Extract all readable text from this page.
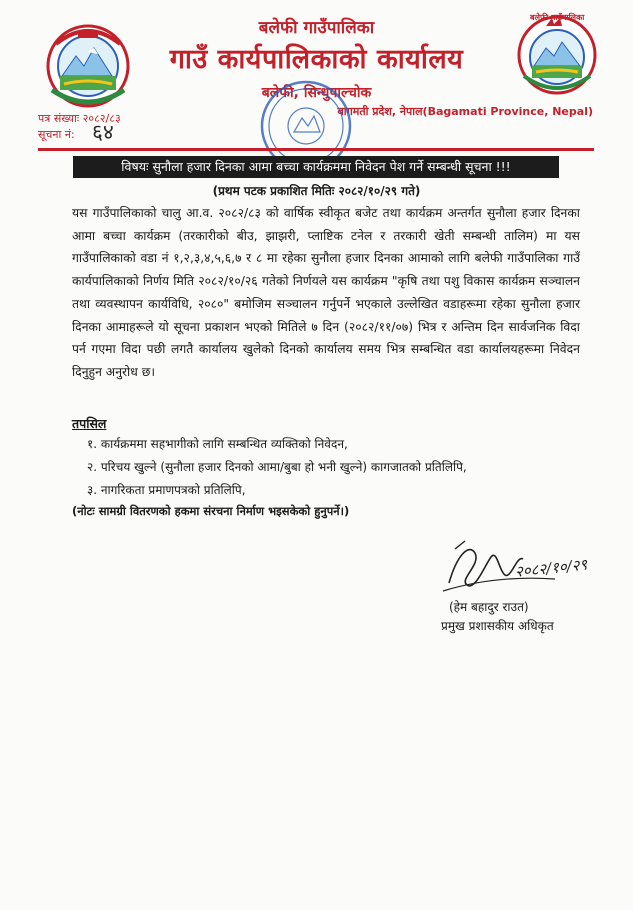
बलेफी गाउँपालिका
बलेफी गाउँपालिका
गाउँ कार्यपालिकाको कार्यालय
बलेफी, सिन्धुपाल्चोक
बागमती प्रदेश, नेपाल(Bagamati Province, Nepal)
पत्र संख्याः २०८२/८३
सूचना नं: ६४
विषयः सुनौला हजार दिनका आमा बच्चा कार्यक्रममा निवेदन पेश गर्ने सम्बन्धी सूचना !!!
(प्रथम पटक प्रकाशित मितिः २०८२/१०/२९ गते)
यस गाउँपालिकाको चालु आ.व. २०८२/८३ को वार्षिक स्वीकृत बजेट तथा कार्यक्रम अन्तर्गत सुनौला हजार दिनका आमा बच्चा कार्यक्रम (तरकारीको बीउ, झाझरी, प्लाष्टिक टनेल र तरकारी खेती सम्बन्धी तालिम) मा यस गाउँपालिकाको वडा नं १,२,३,४,५,६,७ र ८ मा रहेका सुनौला हजार दिनका आमाको लागि बलेफी गाउँपालिका गाउँ कार्यपालिकाको निर्णय मिति २०८२/१०/२६ गतेको निर्णयले यस कार्यक्रम "कृषि तथा पशु विकास कार्यक्रम सञ्चालन तथा व्यवस्थापन कार्यविधि, २०८०" बमोजिम सञ्चालन गर्नुपर्ने भएकाले उल्लेखित वडाहरूमा रहेका सुनौला हजार दिनका आमाहरूले यो सूचना प्रकाशन भएको मितिले ७ दिन (२०८२/११/०७) भित्र र अन्तिम दिन सार्वजनिक विदा पर्न गएमा विदा पछी लगतै कार्यालय खुलेको दिनको कार्यालय समय भित्र सम्बन्धित वडा कार्यालयहरूमा निवेदन दिनुहुन अनुरोध छ।
तपसिल
१. कार्यक्रममा सहभागीको लागि सम्बन्धित व्यक्तिको निवेदन,
२. परिचय खुल्ने (सुनौला हजार दिनको आमा/बुबा हो भनी खुल्ने) कागजातको प्रतिलिपि,
३. नागरिकता प्रमाणपत्रको प्रतिलिपि,
(नोटः सामग्री वितरणको हकमा संरचना निर्माण भइसकेको हुनुपर्ने।)
२०८२/१०/२९
(हेम बहादुर राउत)
प्रमुख प्रशासकीय अधिकृत
